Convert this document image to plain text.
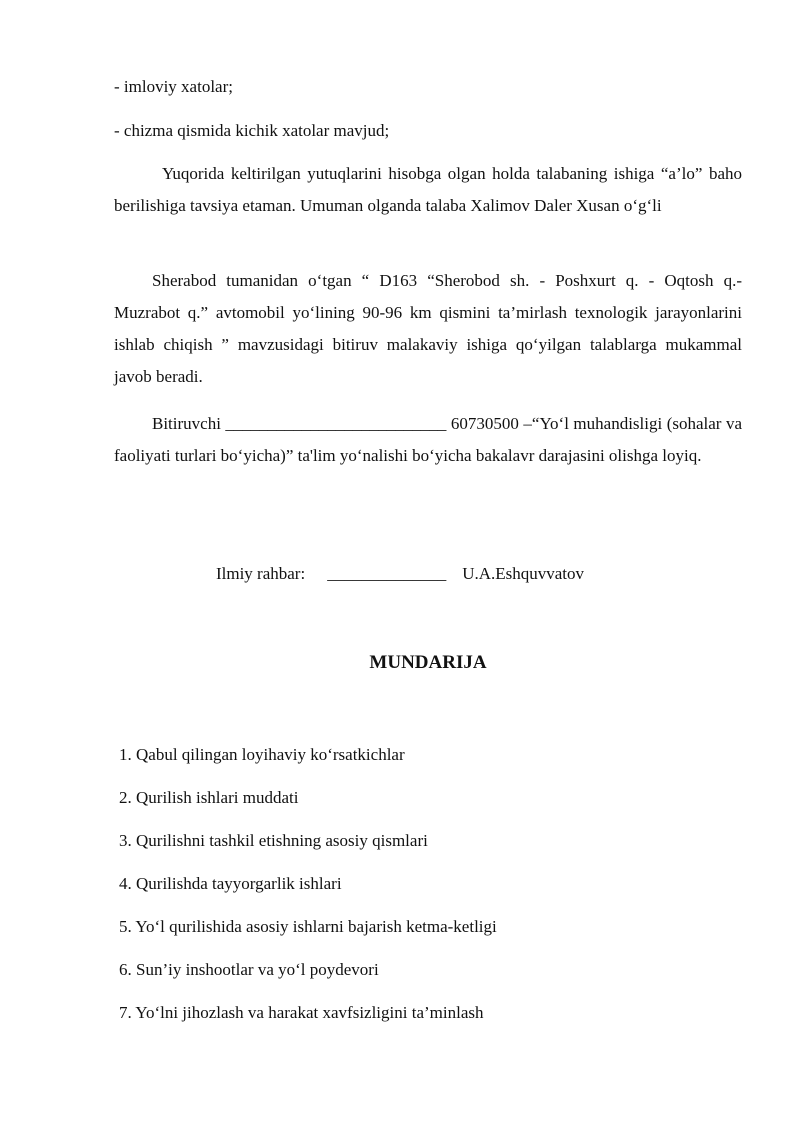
- imloviy xatolar;
- chizma qismida kichik xatolar mavjud;
Yuqorida keltirilgan yutuqlarini hisobga olgan holda talabaning ishiga “a’lo” baho berilishiga tavsiya etaman. Umuman olganda talaba Xalimov Daler Xusan o‘g‘li
Sherabod tumanidan o‘tgan “ D163 “Sherobod sh. - Poshxurt q. - Oqtosh q.- Muzrabot q.” avtomobil yo‘lining 90-96 km qismini ta’mirlash texnologik jarayonlarini ishlab chiqish ” mavzusidagi bitiruv malakaviy ishiga qo‘yilgan talablarga mukammal javob beradi.
Bitiruvchi __________________________ 60730500 –“Yo‘l muhandisligi (sohalar va faoliyati turlari bo‘yicha)” ta'lim yo‘nalishi bo‘yicha bakalavr darajasini olishga loyiq.
Ilmiy rahbar: ______________ U.A.Eshquvvatov
MUNDARIJA
1. Qabul qilingan loyihaviy ko‘rsatkichlar
2. Qurilish ishlari muddati
3. Qurilishni tashkil etishning asosiy qismlari
4. Qurilishda tayyorgarlik ishlari
5. Yo‘l qurilishida asosiy ishlarni bajarish ketma-ketligi
6. Sun’iy inshootlar va yo‘l poydevori
7. Yo‘lni jihozlash va harakat xavfsizligini ta’minlash
